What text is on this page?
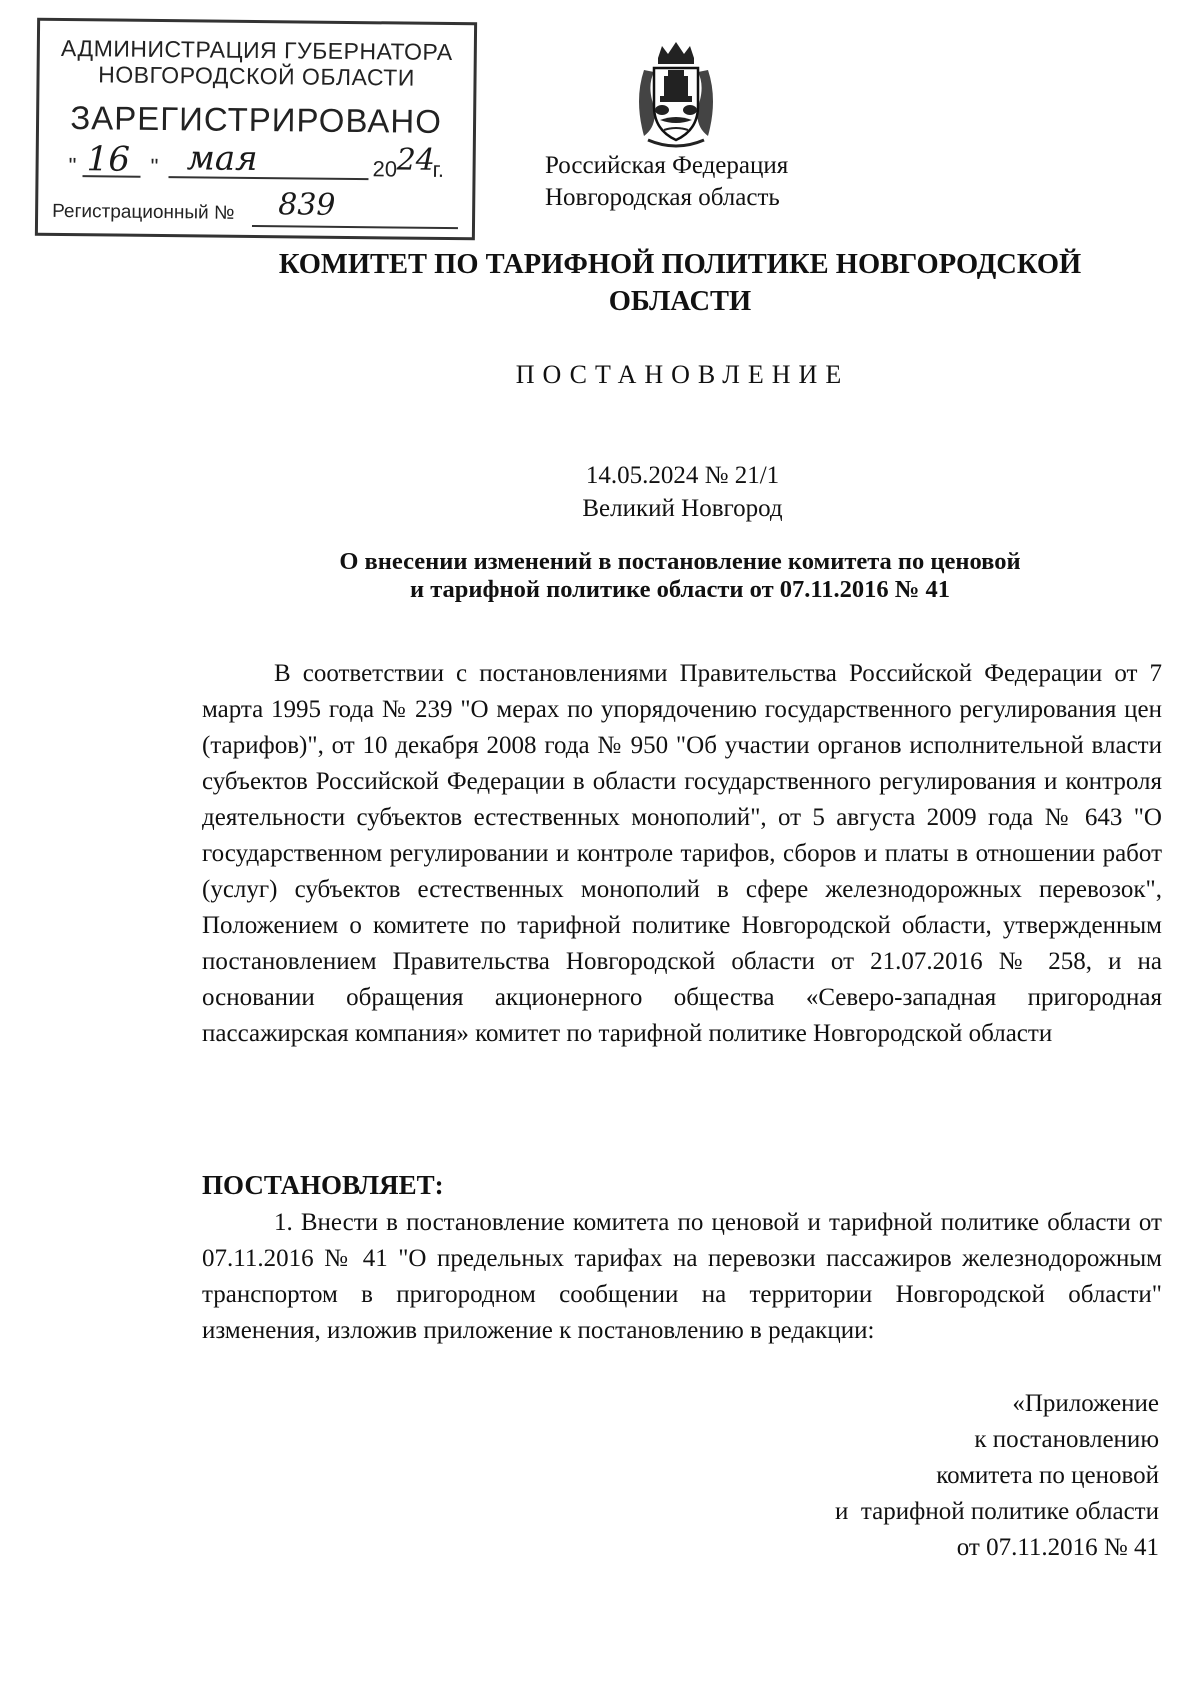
АДМИНИСТРАЦИЯ ГУБЕРНАТОРА
НОВГОРОДСКОЙ ОБЛАСТИ
ЗАРЕГИСТРИРОВАНО
" 16 " мая	20 24
г.
Регистрационный № 839
Российская Федерация
Новгородская область
КОМИТЕТ ПО ТАРИФНОЙ ПОЛИТИКЕ НОВГОРОДСКОЙ
ОБЛАСТИ
ПОСТАНОВЛЕНИЕ
14.05.2024 № 21/1
Великий Новгород
О внесении изменений в постановление комитета по ценовой
и тарифной политике области от 07.11.2016 № 41
В соответствии с постановлениями Правительства Российской Федерации от 7 марта 1995 года № 239 "О мерах по упорядочению государственного регулирования цен (тарифов)", от 10 декабря 2008 года № 950 "Об участии органов исполнительной власти субъектов Российской Федерации в области государственного регулирования и контроля деятельности субъектов естественных монополий", от 5 августа 2009 года № 643 "О государственном регулировании и контроле тарифов, сборов и платы в отношении работ (услуг) субъектов естественных монополий в сфере железнодорожных перевозок", Положением о комитете по тарифной политике Новгородской области, утвержденным постановлением Правительства Новгородской области от 21.07.2016 № 258, и на основании обращения акционерного общества «Северо-западная пригородная пассажирская компания» комитет по тарифной политике Новгородской области
ПОСТАНОВЛЯЕТ:
1. Внести в постановление комитета по ценовой и тарифной политике области от 07.11.2016 № 41 "О предельных тарифах на перевозки пассажиров железнодорожным транспортом в пригородном сообщении на территории Новгородской области" изменения, изложив приложение к постановлению в редакции:
«Приложение
к постановлению
комитета по ценовой
и  тарифной политике области
от 07.11.2016 № 41
